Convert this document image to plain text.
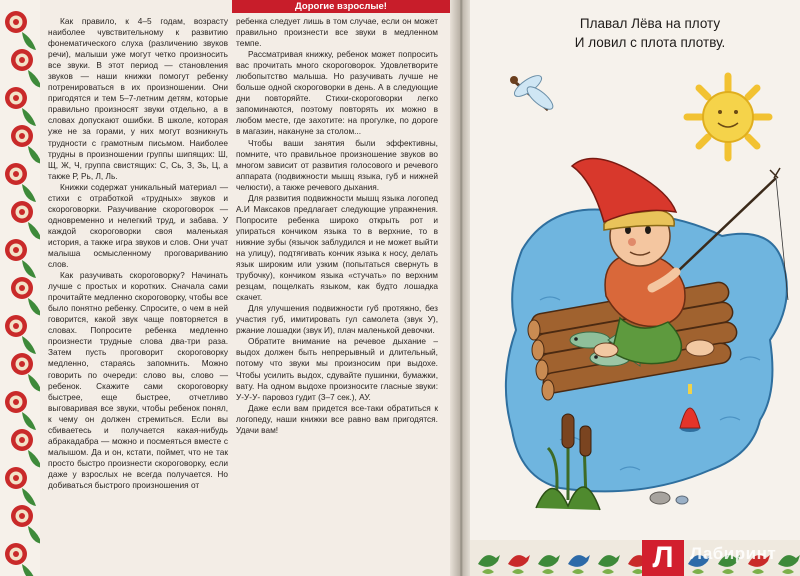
Дорогие взрослые!

Как правило, к 4–5 годам, возрасту наиболее чувствительному к развитию фонематического слуха (различению звуков речи), малыши уже могут четко произносить все звуки. В этот период — становления звуков — наши книжки помогут ребенку потренироваться в их произношении. Они пригодятся и тем 5–7-летним детям, которые правильно произносят звуки отдельно, а в словах допускают ошибки. В школе, которая уже не за горами, у них могут возникнуть трудности с грамотным письмом. Наиболее трудны в произношении группы шипящих: Ш, Щ, Ж, Ч, группа свистящих: С, Сь, З, Зь, Ц, а также Р, Рь, Л, Ль.

Книжки содержат уникальный материал — стихи с отработкой «трудных» звуков и скороговорки. Разучивание скороговорок — одновременно и нелегкий труд, и забава. У каждой скороговорки своя маленькая история, а также игра звуков и слов. Они учат малыша осмысленному проговариванию слов.

Как разучивать скороговорку? Начинать лучше с простых и коротких. Сначала сами прочитайте медленно скороговорку, чтобы все было понятно ребенку. Спросите, о чем в ней говорится, какой звук чаще повторяется в словах. Попросите ребенка медленно произнести трудные слова два-три раза. Затем пусть проговорит скороговорку медленно, стараясь запомнить. Можно говорить по очереди: слово вы, слово — ребенок. Скажите сами скороговорку быстрее, еще быстрее, отчетливо выговаривая все звуки, чтобы ребенок понял, к чему он должен стремиться. Если вы сбиваетесь и получается какая-нибудь абракадабра — можно и посмеяться вместе с малышом. Да и он, кстати, поймет, что не так просто быстро произнести скороговорку, если даже у взрослых не всегда получается. Но добиваться быстрого произношения от

ребенка следует лишь в том случае, если он может правильно произнести все звуки в медленном темпе.

Рассматривая книжку, ребенок может попросить вас прочитать много скороговорок. Удовлетворите любопытство малыша. Но разучивать лучше не больше одной скороговорки в день. А в следующие дни повторяйте. Стихи-скороговорки легко запоминаются, поэтому повторять их можно в любом месте, где захотите: на прогулке, по дороге в магазин, накануне за столом...

Чтобы ваши занятия были эффективны, помните, что правильное произношение звуков во многом зависит от развития голосового и речевого аппарата (подвижности мышц языка, губ и нижней челюсти), а также речевого дыхания.

Для развития подвижности мышц языка логопед А.И Максаков предлагает следующие упражнения. Попросите ребенка широко открыть рот и упираться кончиком языка то в верхние, то в нижние зубы (язычок заблудился и не может выйти на улицу), подтягивать кончик языка к носу, делать язык широким или узким (попытаться свернуть в трубочку), кончиком языка «стучать» по верхним резцам, пощелкать языком, как будто лошадка скачет.

Для улучшения подвижности губ протяжно, без участия губ, имитировать гул самолета (звук У), ржание лошадки (звук И), плач маленькой девочки.

Обратите внимание на речевое дыхание – выдох должен быть непрерывный и длительный, потому что звуки мы произносим при выдохе. Чтобы усилить выдох, сдувайте пушинки, бумажки, вату. На одном выдохе произносите гласные звуки: У-У-У- паровоз гудит (3–7 сек.), АУ.

Даже если вам придется все-таки обратиться к логопеду, наши книжки все равно вам пригодятся. Удачи вам!

Плавал Лёва на плоту
И ловил с плота плотву.
Л Лабиринт
